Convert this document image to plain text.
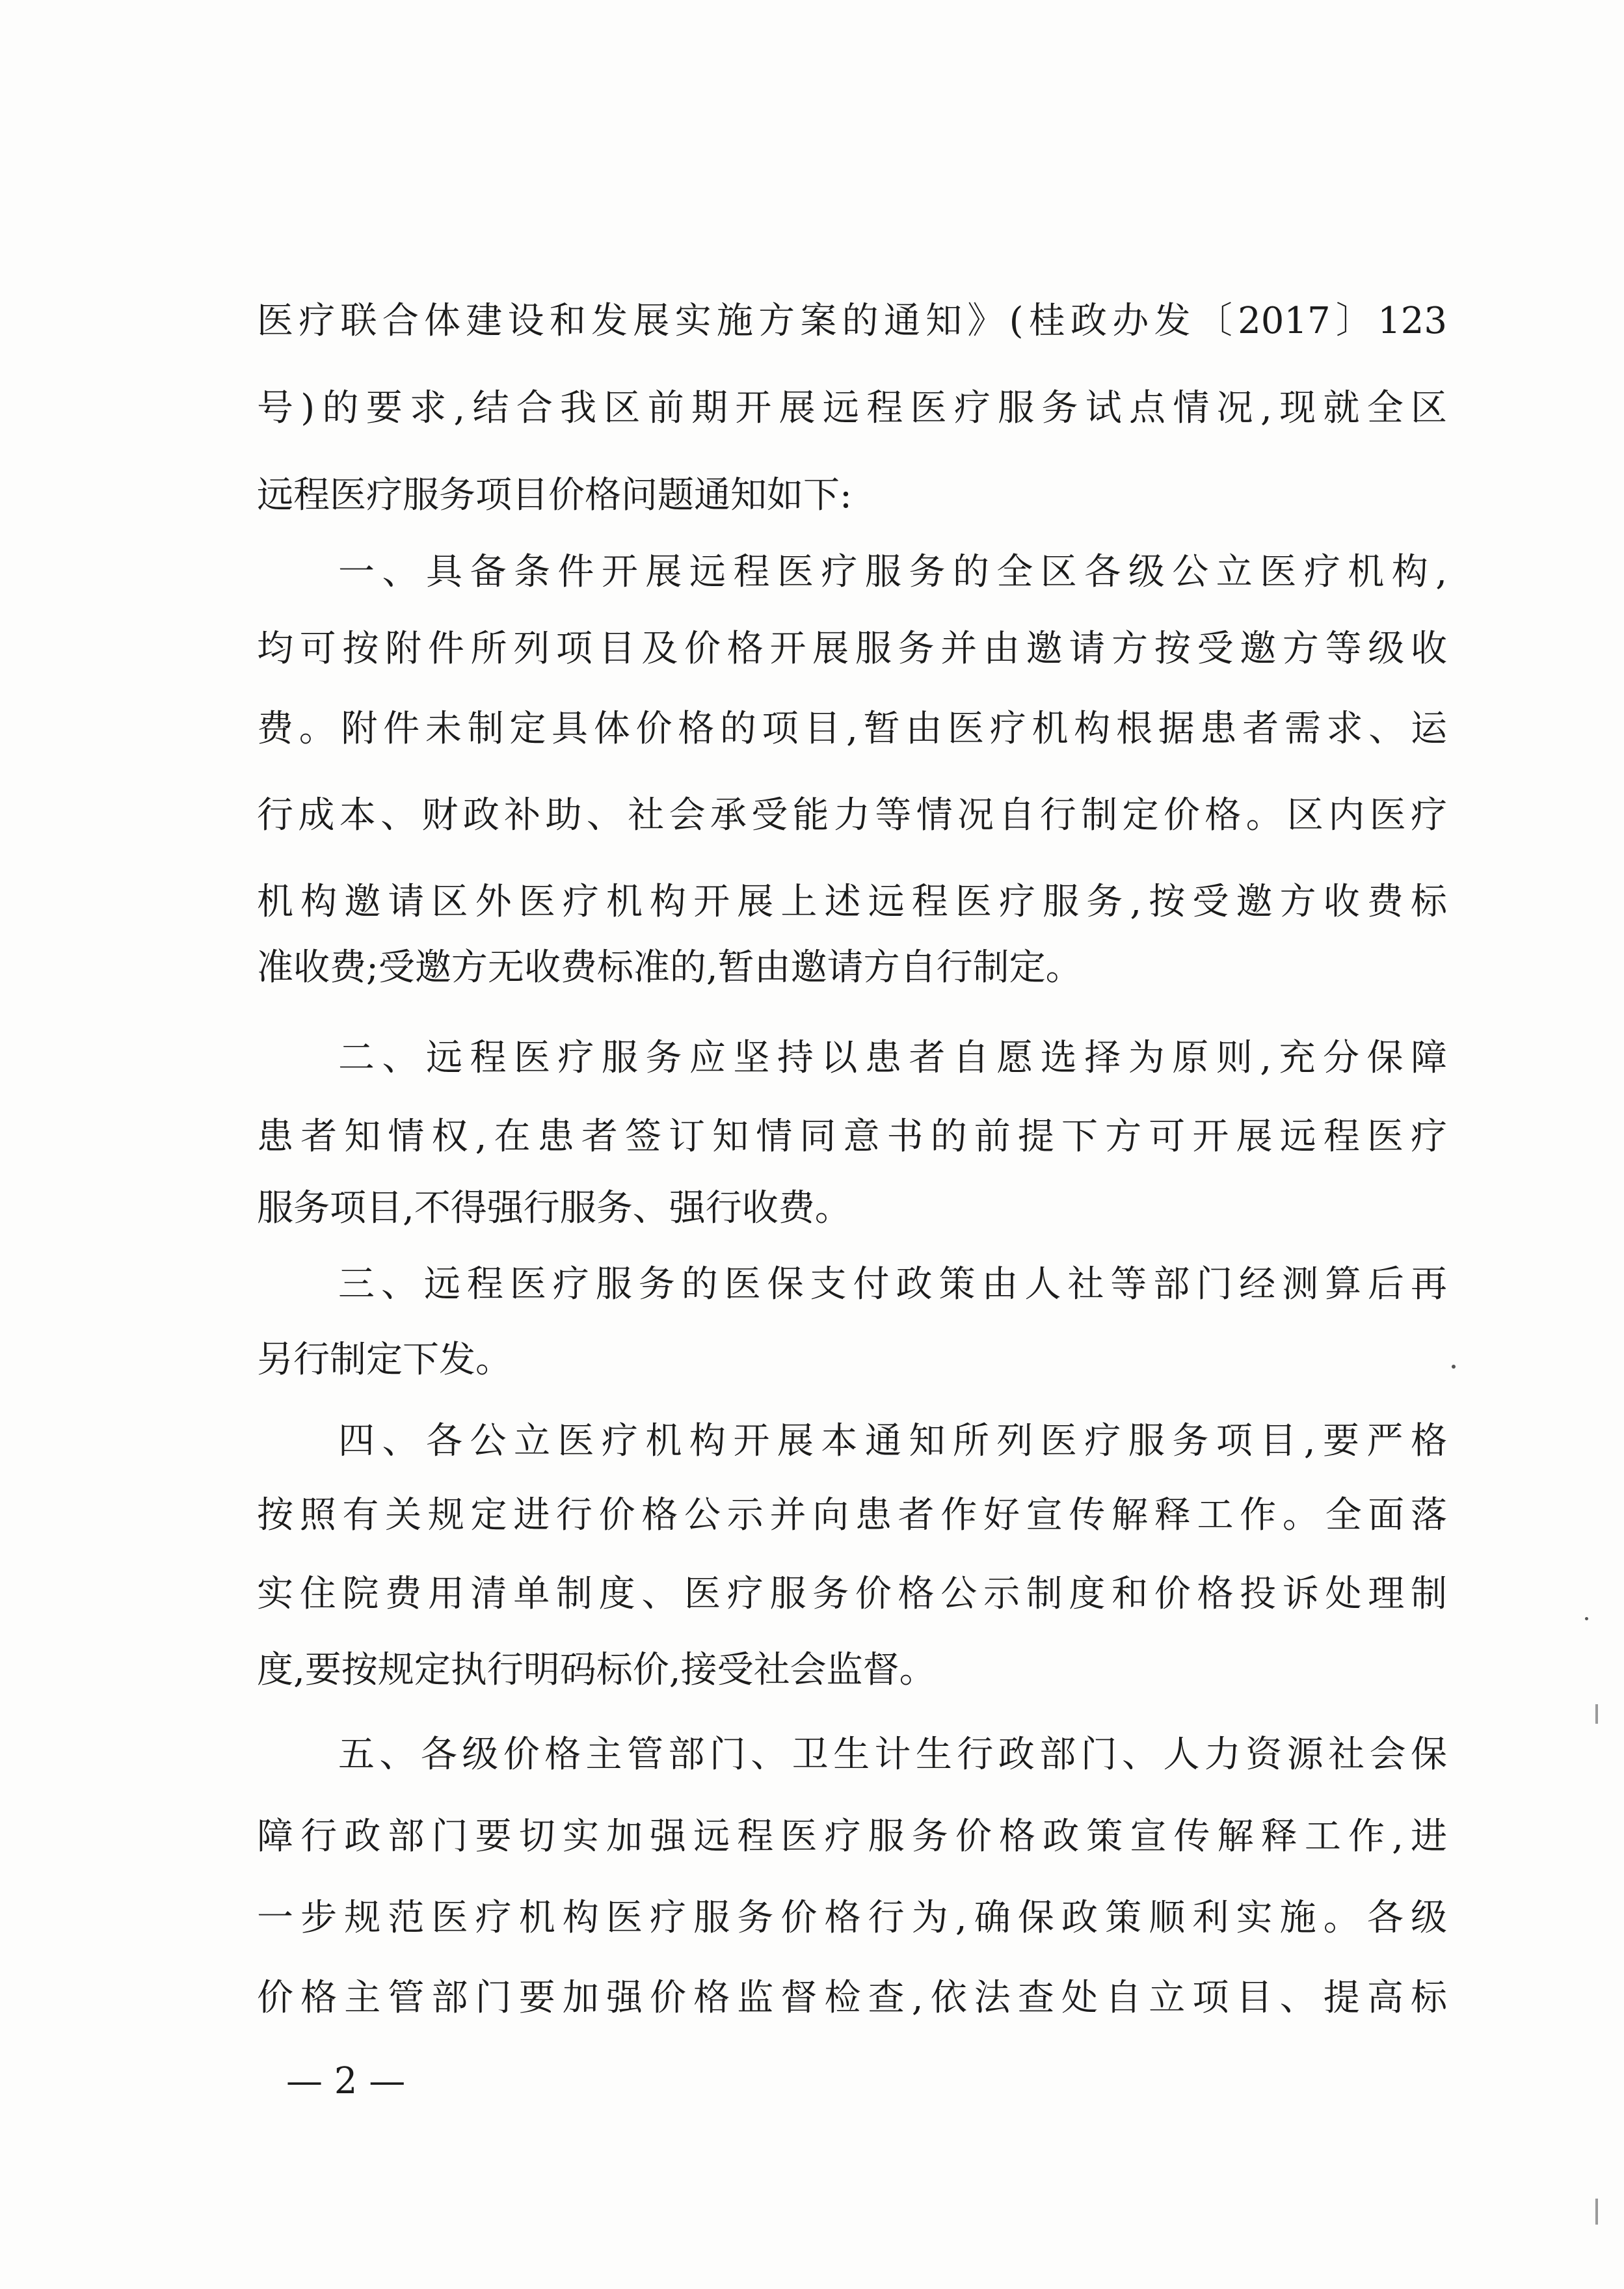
医疗联合体建设和发展实施方案的通知》(桂政办发〔2017〕123
号)的要求,结合我区前期开展远程医疗服务试点情况,现就全区
远程医疗服务项目价格问题通知如下:
一、具备条件开展远程医疗服务的全区各级公立医疗机构,
均可按附件所列项目及价格开展服务并由邀请方按受邀方等级收
费。附件未制定具体价格的项目,暂由医疗机构根据患者需求、运
行成本、财政补助、社会承受能力等情况自行制定价格。区内医疗
机构邀请区外医疗机构开展上述远程医疗服务,按受邀方收费标
准收费;受邀方无收费标准的,暂由邀请方自行制定。
二、远程医疗服务应坚持以患者自愿选择为原则,充分保障
患者知情权,在患者签订知情同意书的前提下方可开展远程医疗
服务项目,不得强行服务、强行收费。
三、远程医疗服务的医保支付政策由人社等部门经测算后再
另行制定下发。
四、各公立医疗机构开展本通知所列医疗服务项目,要严格
按照有关规定进行价格公示并向患者作好宣传解释工作。全面落
实住院费用清单制度、医疗服务价格公示制度和价格投诉处理制
度,要按规定执行明码标价,接受社会监督。
五、各级价格主管部门、卫生计生行政部门、人力资源社会保
障行政部门要切实加强远程医疗服务价格政策宣传解释工作,进
一步规范医疗机构医疗服务价格行为,确保政策顺利实施。各级
价格主管部门要加强价格监督检查,依法查处自立项目、提高标
— 2 —
